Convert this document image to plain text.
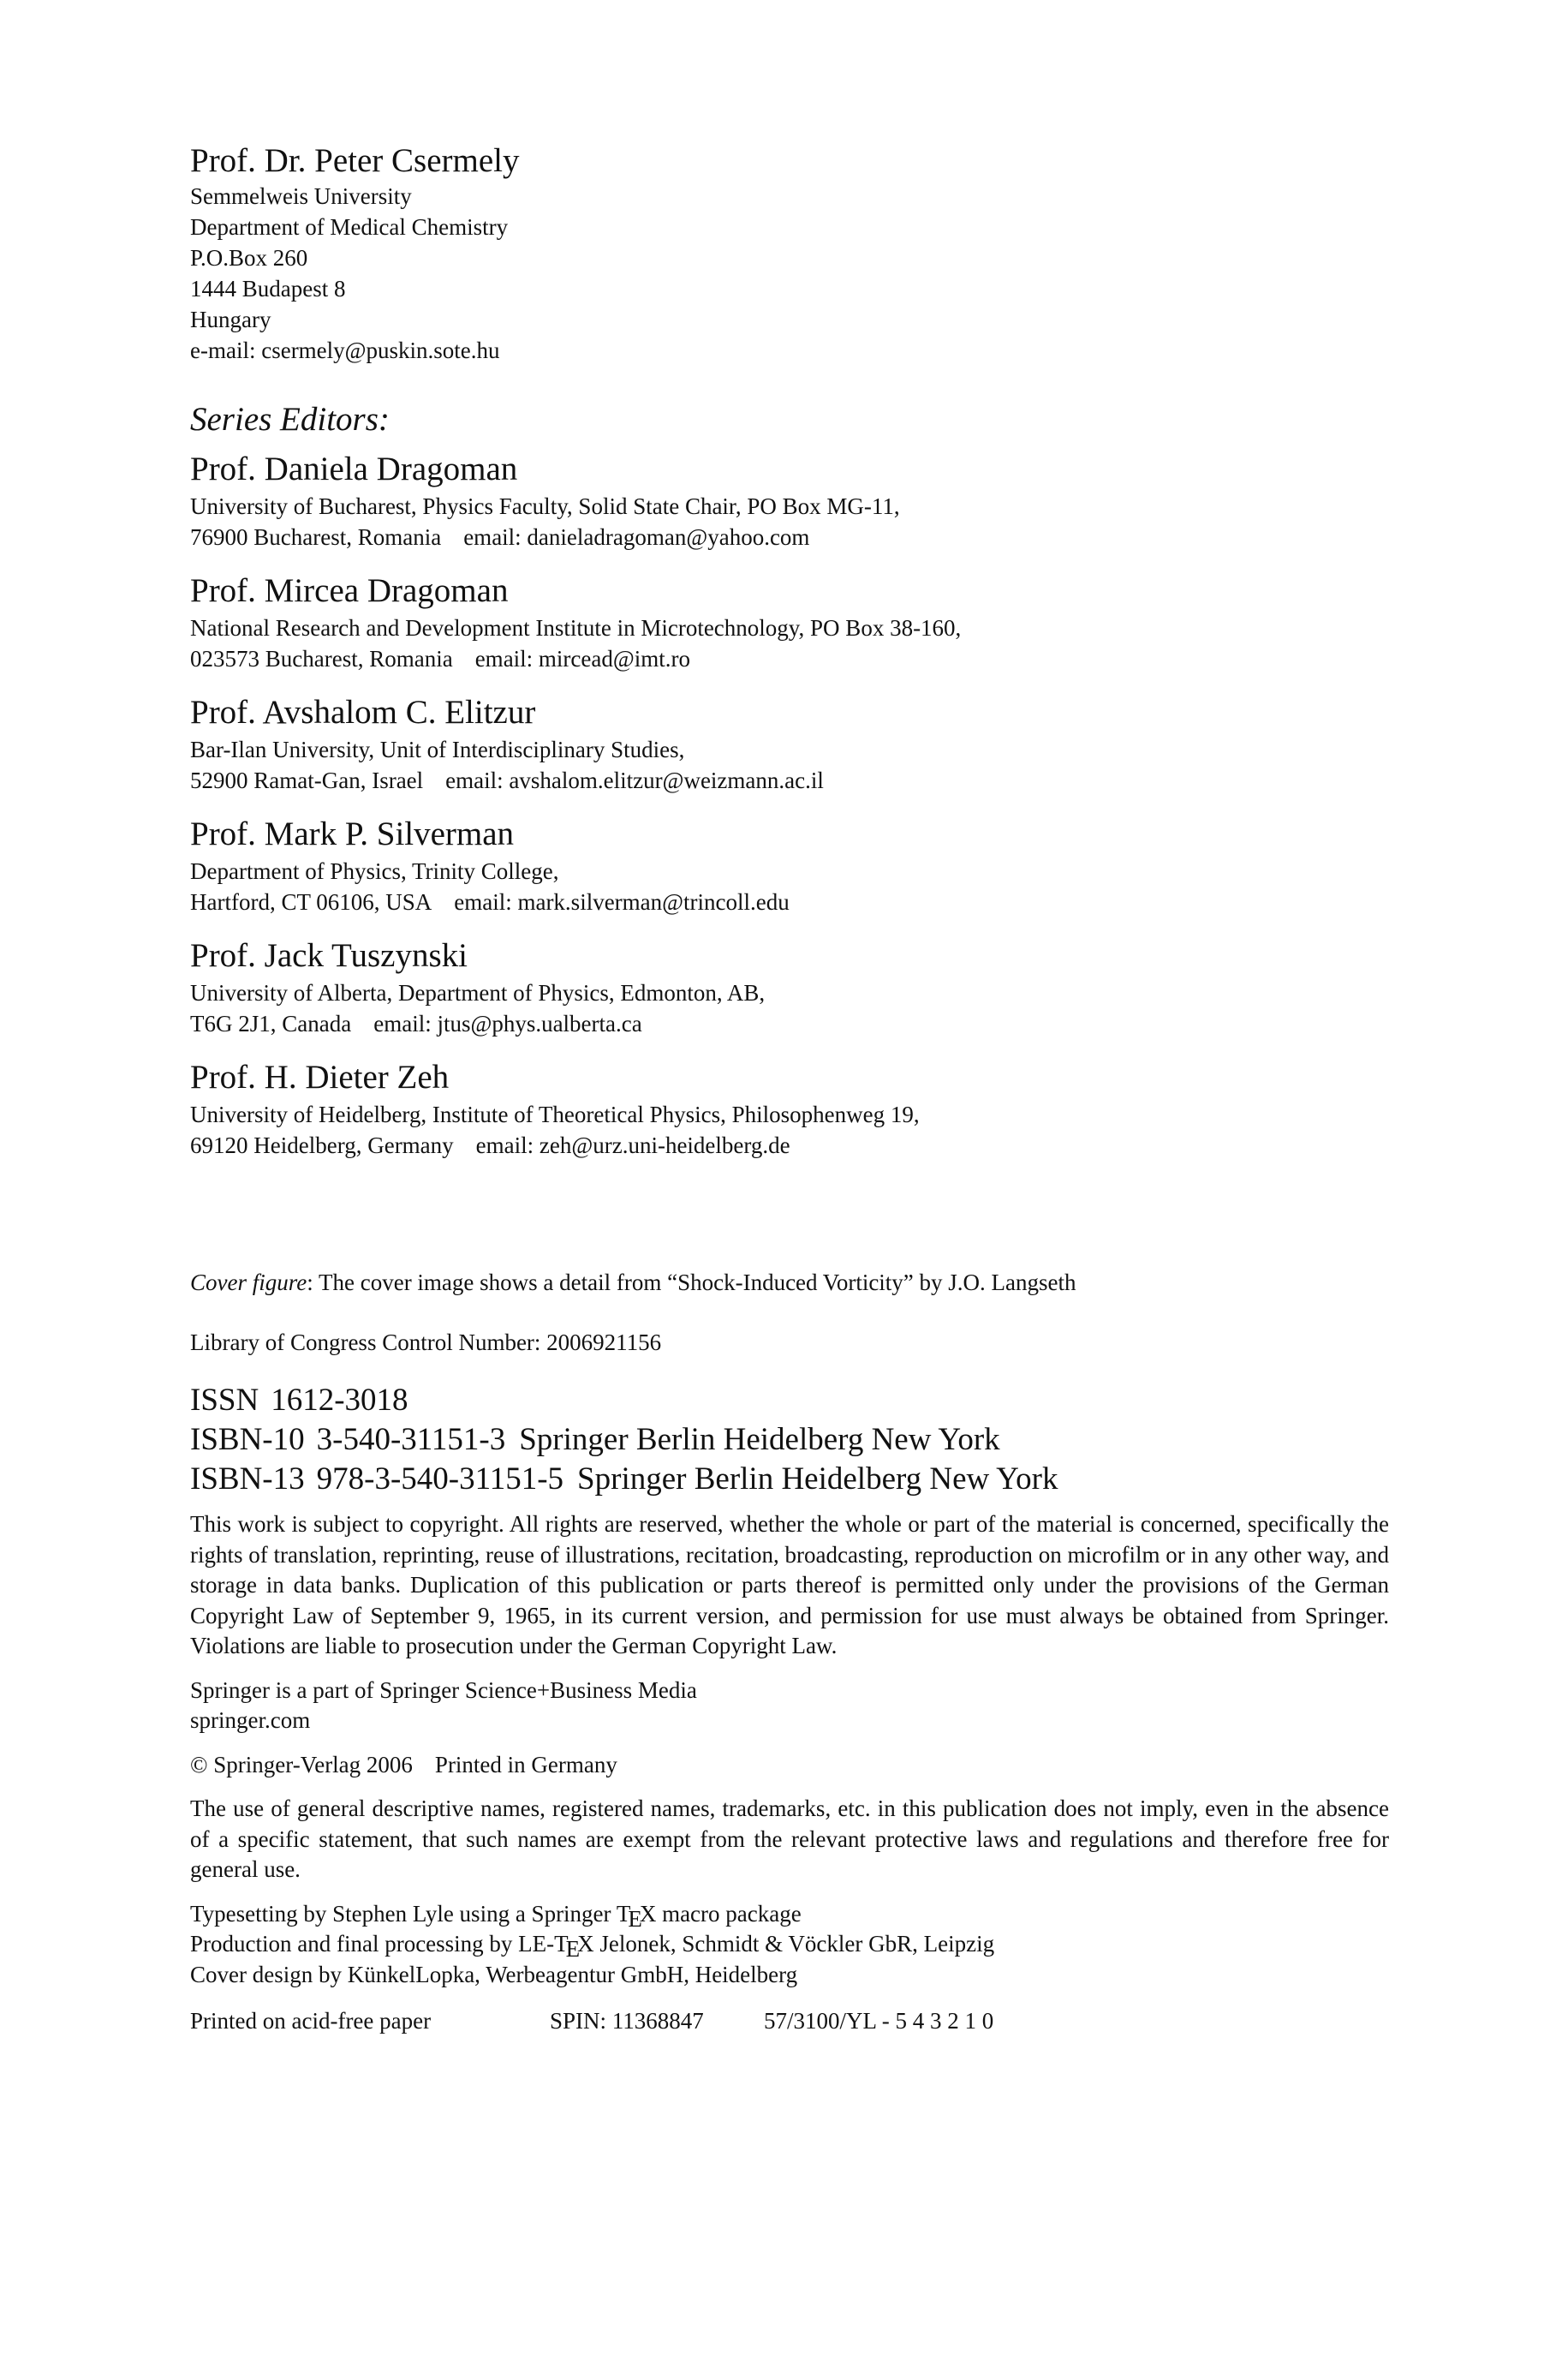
Prof. Dr. Peter Csermely

Semmelweis University

Department of Medical Chemistry

P.O.Box 260

1444 Budapest 8

Hungary

e-mail: csermely@puskin.sote.hu

Series Editors:

Prof. Daniela Dragoman

University of Bucharest, Physics Faculty, Solid State Chair, PO Box MG-11,

76900 Bucharest, Romania email: danieladragoman@yahoo.com

Prof. Mircea Dragoman

National Research and Development Institute in Microtechnology, PO Box 38-160,

023573 Bucharest, Romania email: mircead@imt.ro

Prof. Avshalom C. Elitzur

Bar-Ilan University, Unit of Interdisciplinary Studies,

52900 Ramat-Gan, Israel email: avshalom.elitzur@weizmann.ac.il

Prof. Mark P. Silverman

Department of Physics, Trinity College,

Hartford, CT 06106, USA email: mark.silverman@trincoll.edu

Prof. Jack Tuszynski

University of Alberta, Department of Physics, Edmonton, AB,

T6G 2J1, Canada email: jtus@phys.ualberta.ca

Prof. H. Dieter Zeh

University of Heidelberg, Institute of Theoretical Physics, Philosophenweg 19,

69120 Heidelberg, Germany email: zeh@urz.uni-heidelberg.de

Cover figure: The cover image shows a detail from “Shock-Induced Vorticity” by J.O. Langseth

Library of Congress Control Number: 2006921156

ISSN 1612-3018
ISBN-10 3-540-31151-3 Springer Berlin Heidelberg New York
ISBN-13 978-3-540-31151-5 Springer Berlin Heidelberg New York

This work is subject to copyright. All rights are reserved, whether the whole or part of the material is concerned, specifically the rights of translation, reprinting, reuse of illustrations, recitation, broadcasting, reproduction on microfilm or in any other way, and storage in data banks. Duplication of this publication or parts thereof is permitted only under the provisions of the German Copyright Law of September 9, 1965, in its current version, and permission for use must always be obtained from Springer. Violations are liable to prosecution under the German Copyright Law.

Springer is a part of Springer Science+Business Media

springer.com

© Springer-Verlag 2006 Printed in Germany

The use of general descriptive names, registered names, trademarks, etc. in this publication does not imply, even in the absence of a specific statement, that such names are exempt from the relevant protective laws and regulations and therefore free for general use.

Typesetting by Stephen Lyle using a Springer TEX macro package

Production and final processing by LE-TEX Jelonek, Schmidt & Vöckler GbR, Leipzig

Cover design by KünkelLopka, Werbeagentur GmbH, Heidelberg

Printed on acid-free paper	SPIN: 11368847	57/3100/YL - 5 4 3 2 1 0
